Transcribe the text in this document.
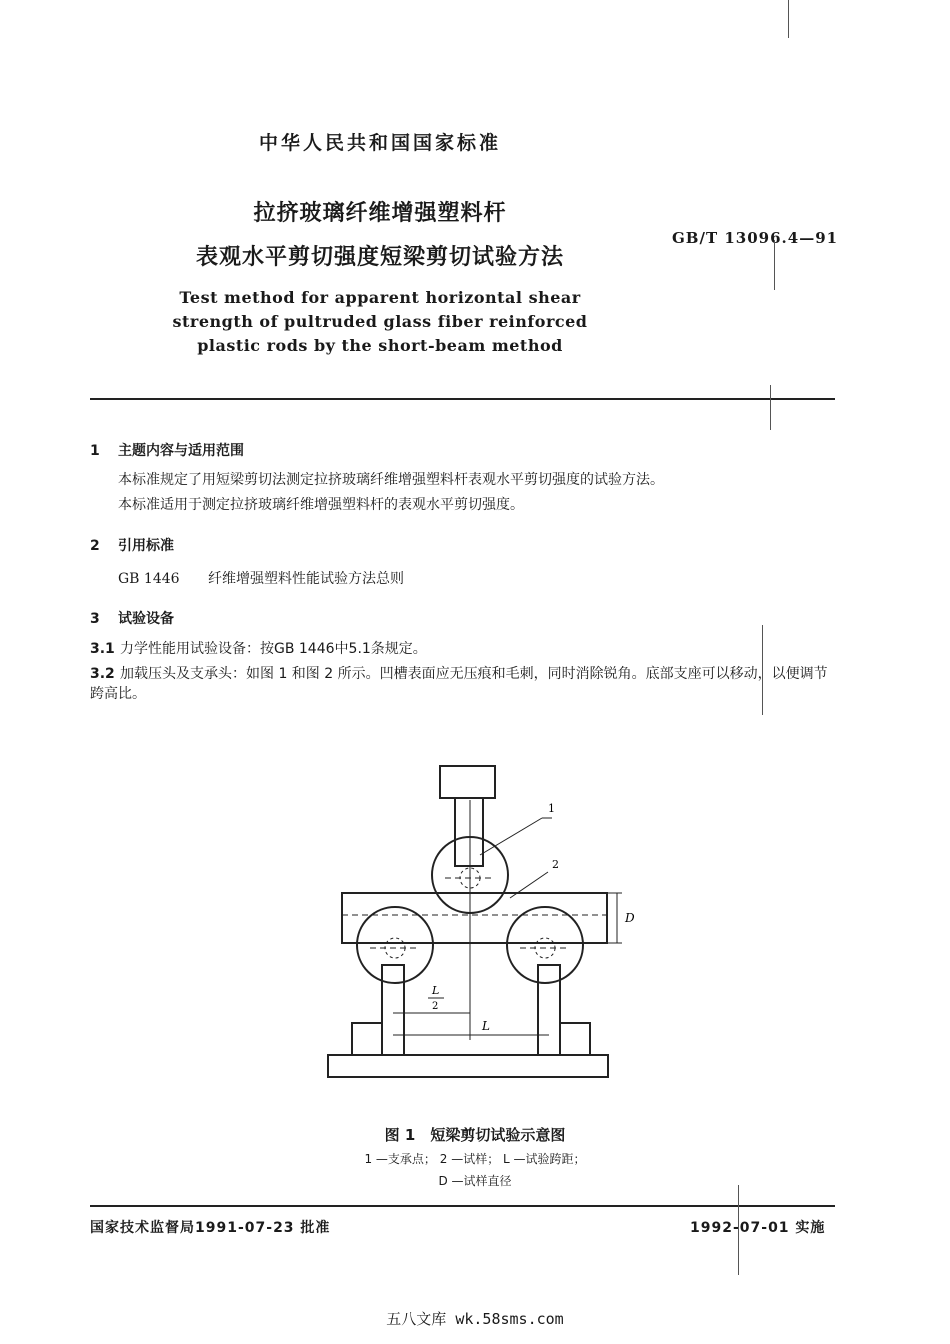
中华人民共和国国家标准
拉挤玻璃纤维增强塑料杆
表观水平剪切强度短梁剪切试验方法
GB/T 13096.4—91
Test method for apparent horizontal shear
strength of pultruded glass fiber reinforced
plastic rods by the short-beam method
1 主题内容与适用范围
本标准规定了用短梁剪切法测定拉挤玻璃纤维增强塑料杆表观水平剪切强度的试验方法。
本标准适用于测定拉挤玻璃纤维增强塑料杆的表观水平剪切强度。
2 引用标准
GB 1446 纤维增强塑料性能试验方法总则
3 试验设备
3.1 力学性能用试验设备：按GB 1446中5.1条规定。
3.2 加载压头及支承头：如图 1 和图 2 所示。凹槽表面应无压痕和毛刺，同时消除锐角。底部支座可以移动，以便调节跨高比。
1
2
D
L
2
L
图 1　短梁剪切试验示意图
1 —支承点； 2 —试样； L —试验跨距；
D —试样直径
国家技术监督局1991-07-23 批准	1992-07-01 实施
五八文库 wk.58sms.com
